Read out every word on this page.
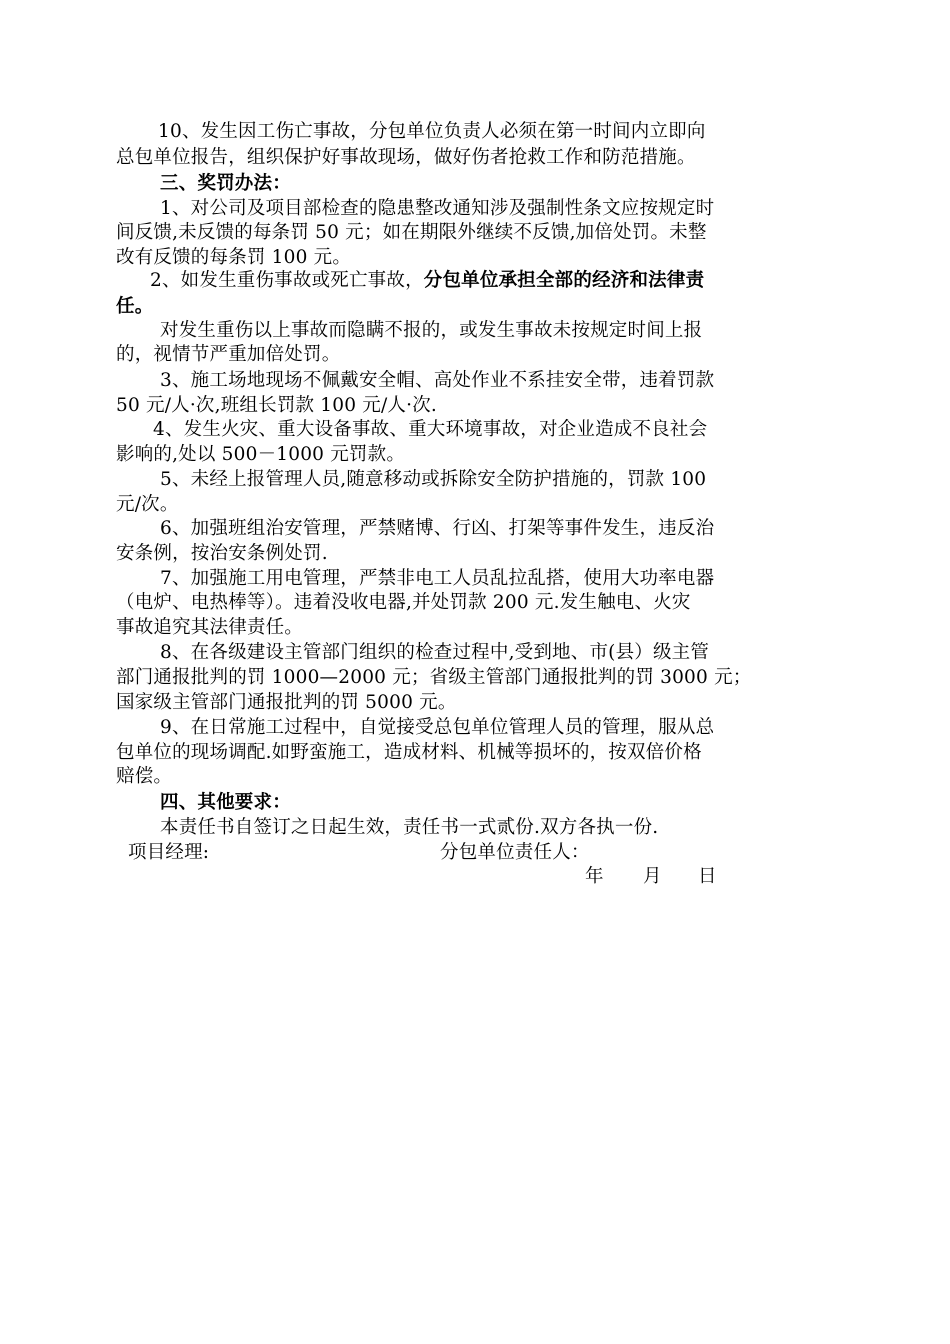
10、发生因工伤亡事故，分包单位负责人必须在第一时间内立即向
总包单位报告，组织保护好事故现场，做好伤者抢救工作和防范措施。
三、奖罚办法：
1、对公司及项目部检查的隐患整改通知涉及强制性条文应按规定时
间反馈,未反馈的每条罚 50 元；如在期限外继续不反馈,加倍处罚。未整
改有反馈的每条罚 100 元。
2、如发生重伤事故或死亡事故，分包单位承担全部的经济和法律责
任。
对发生重伤以上事故而隐瞒不报的，或发生事故未按规定时间上报
的，视情节严重加倍处罚。
3、施工场地现场不佩戴安全帽、高处作业不系挂安全带，违着罚款
50 元/人·次,班组长罚款 100 元/人·次.
4、发生火灾、重大设备事故、重大环境事故，对企业造成不良社会
影响的,处以 500－1000 元罚款。
5、未经上报管理人员,随意移动或拆除安全防护措施的，罚款 100
元/次。
6、加强班组治安管理，严禁赌博、行凶、打架等事件发生，违反治
安条例，按治安条例处罚.
7、加强施工用电管理，严禁非电工人员乱拉乱搭，使用大功率电器
（电炉、电热棒等）。违着没收电器,并处罚款 200 元.发生触电、火灾
事故追究其法律责任。
8、在各级建设主管部门组织的检查过程中,受到地、市(县）级主管
部门通报批判的罚 1000—2000 元；省级主管部门通报批判的罚 3000 元；
国家级主管部门通报批判的罚 5000 元。
9、在日常施工过程中，自觉接受总包单位管理人员的管理，服从总
包单位的现场调配.如野蛮施工，造成材料、机械等损坏的，按双倍价格
赔偿。
四、其他要求：
本责任书自签订之日起生效，责任书一式贰份.双方各执一份.
项目经理:	分包单位责任人：
年 月 日
